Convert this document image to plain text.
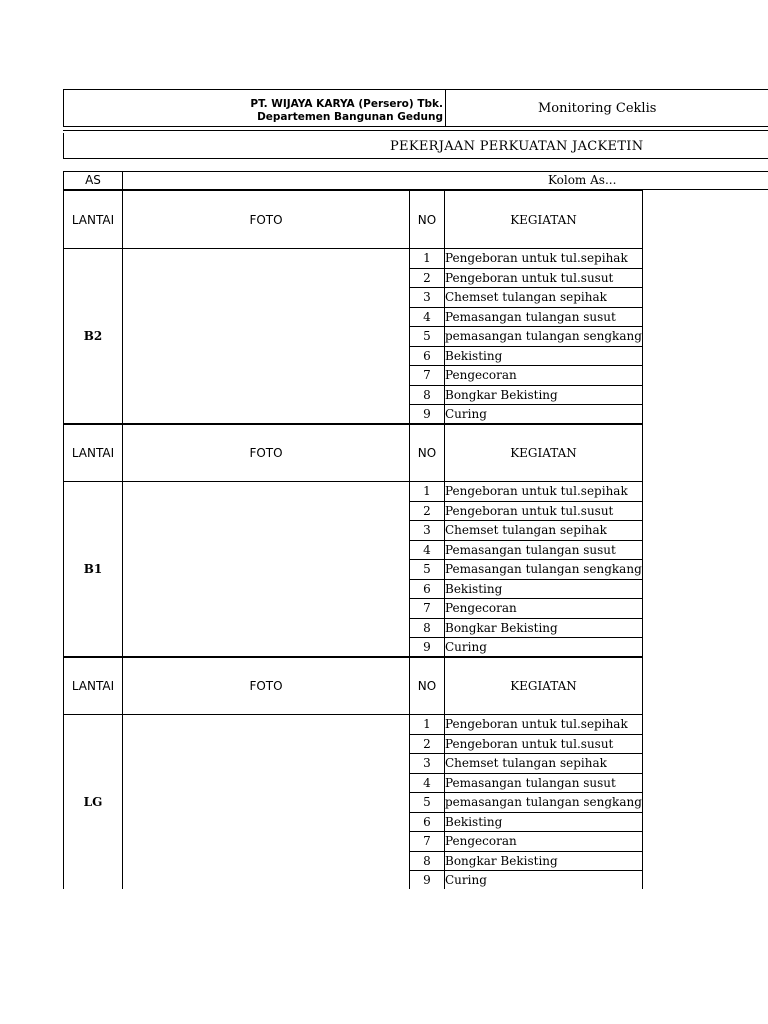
PT. WIJAYA KARYA (Persero) Tbk.
Departemen Bangunan Gedung
Monitoring Ceklis
PEKERJAAN PERKUATAN JACKETIN
AS	Kolom As...
LANTAI	FOTO	NO	KEGIATAN
B2		1	Pengeboran untuk tul.sepihak
		2	Pengeboran untuk tul.susut
		3	Chemset tulangan sepihak
		4	Pemasangan tulangan susut
		5	pemasangan tulangan sengkang
		6	Bekisting
		7	Pengecoran
		8	Bongkar Bekisting
		9	Curing
LANTAI	FOTO	NO	KEGIATAN
B1		1	Pengeboran untuk tul.sepihak
		2	Pengeboran untuk tul.susut
		3	Chemset tulangan sepihak
		4	Pemasangan tulangan susut
		5	Pemasangan tulangan sengkang
		6	Bekisting
		7	Pengecoran
		8	Bongkar Bekisting
		9	Curing
LANTAI	FOTO	NO	KEGIATAN
LG		1	Pengeboran untuk tul.sepihak
		2	Pengeboran untuk tul.susut
		3	Chemset tulangan sepihak
		4	Pemasangan tulangan susut
		5	pemasangan tulangan sengkang
		6	Bekisting
		7	Pengecoran
		8	Bongkar Bekisting
		9	Curing
